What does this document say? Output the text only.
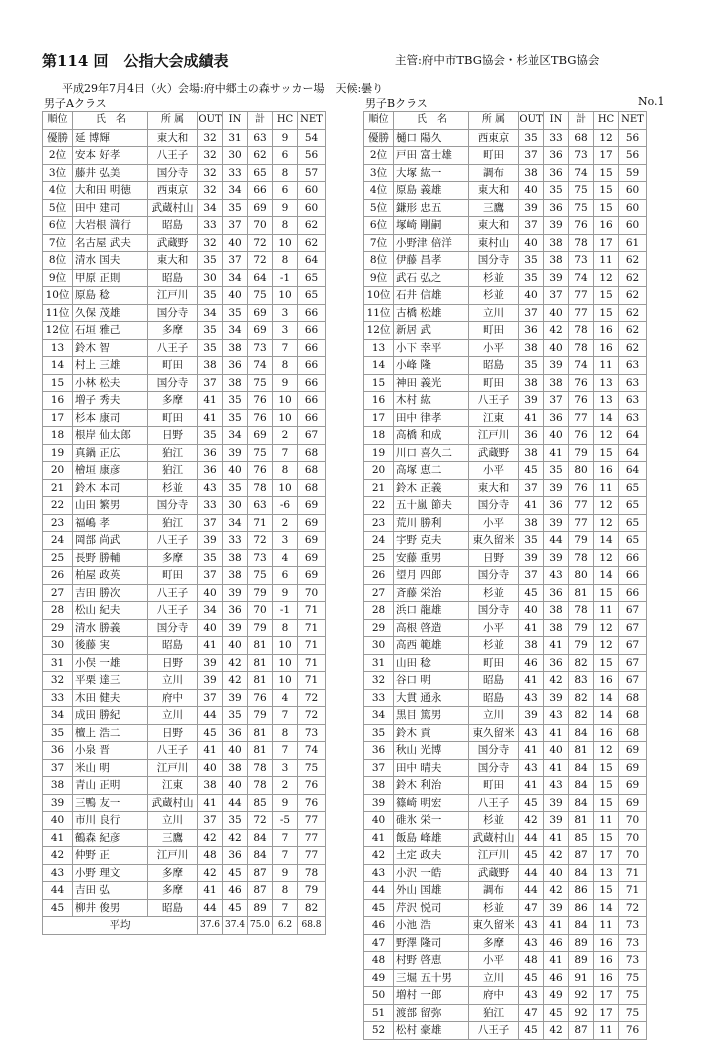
第114 回　公指大会成績表	主管:府中市TBG協会・杉並区TBG協会
平成29年7月4日（火）会場:府中郷土の森サッカー場　天候:曇り
男子Aクラス	男子Bクラス	No.1
順位	氏　名	所 属	OUT	IN	計	HC	NET
優勝	延 博輝	東大和	32	31	63	9	54
2位	安本 好孝	八王子	32	30	62	6	56
3位	藤井 弘美	国分寺	32	33	65	8	57
4位	大和田 明徳	西東京	32	34	66	6	60
5位	田中 建司	武蔵村山	34	35	69	9	60
6位	大岩根 満行	昭島	33	37	70	8	62
7位	名古屋 武夫	武蔵野	32	40	72	10	62
8位	清水 国夫	東大和	35	37	72	8	64
9位	甲原 正則	昭島	30	34	64	-1	65
10位	原島 稔	江戸川	35	40	75	10	65
11位	久保 茂雄	国分寺	34	35	69	3	66
12位	石垣 雅己	多摩	35	34	69	3	66
13	鈴木 智	八王子	35	38	73	7	66
14	村上 三雄	町田	38	36	74	8	66
15	小林 松夫	国分寺	37	38	75	9	66
16	増子 秀夫	多摩	41	35	76	10	66
17	杉本 康司	町田	41	35	76	10	66
18	根岸 仙太郎	日野	35	34	69	2	67
19	真鍋 正広	狛江	36	39	75	7	68
20	檜垣 康彦	狛江	36	40	76	8	68
21	鈴木 本司	杉並	43	35	78	10	68
22	山田 繁男	国分寺	33	30	63	-6	69
23	福嶋 孝	狛江	37	34	71	2	69
24	岡部 尚武	八王子	39	33	72	3	69
25	長野 勝輔	多摩	35	38	73	4	69
26	柏屋 政英	町田	37	38	75	6	69
27	吉田 勝次	八王子	40	39	79	9	70
28	松山 紀夫	八王子	34	36	70	-1	71
29	清水 勝義	国分寺	40	39	79	8	71
30	後藤 実	昭島	41	40	81	10	71
31	小俣 一雄	日野	39	42	81	10	71
32	平栗 達三	立川	39	42	81	10	71
33	木田 健夫	府中	37	39	76	4	72
34	成田 勝紀	立川	44	35	79	7	72
35	檀上 浩二	日野	45	36	81	8	73
36	小泉 晋	八王子	41	40	81	7	74
37	米山 明	江戸川	40	38	78	3	75
38	青山 正明	江東	38	40	78	2	76
39	三鴨 友一	武蔵村山	41	44	85	9	76
40	市川 良行	立川	37	35	72	-5	77
41	鶴森 紀彦	三鷹	42	42	84	7	77
42	仲野 正	江戸川	48	36	84	7	77
43	小野 理文	多摩	42	45	87	9	78
44	吉田 弘	多摩	41	46	87	8	79
45	柳井 俊男	昭島	44	45	89	7	82
平均			37.6	37.4	75.0	6.2	68.8
順位	氏　名	所 属	OUT	IN	計	HC	NET
優勝	樋口 陽久	西東京	35	33	68	12	56
2位	戸田 富士雄	町田	37	36	73	17	56
3位	大塚 紘一	調布	38	36	74	15	59
4位	原島 義雄	東大和	40	35	75	15	60
5位	鎌形 忠五	三鷹	39	36	75	15	60
6位	塚崎 剛嗣	東大和	37	39	76	16	60
7位	小野津 倍洋	東村山	40	38	78	17	61
8位	伊藤 昌孝	国分寺	35	38	73	11	62
9位	武石 弘之	杉並	35	39	74	12	62
10位	石井 信雄	杉並	40	37	77	15	62
11位	古橋 松雄	立川	37	40	77	15	62
12位	新居 武	町田	36	42	78	16	62
13	小下 幸平	小平	38	40	78	16	62
14	小峰 隆	昭島	35	39	74	11	63
15	神田 義光	町田	38	38	76	13	63
16	木村 紘	八王子	39	37	76	13	63
17	田中 律孝	江東	41	36	77	14	63
18	高橋 和成	江戸川	36	40	76	12	64
19	川口 喜久二	武蔵野	38	41	79	15	64
20	高塚 恵二	小平	45	35	80	16	64
21	鈴木 正義	東大和	37	39	76	11	65
22	五十嵐 節夫	国分寺	41	36	77	12	65
23	荒川 勝利	小平	38	39	77	12	65
24	宇野 克夫	東久留米	35	44	79	14	65
25	安藤 重男	日野	39	39	78	12	66
26	望月 四郎	国分寺	37	43	80	14	66
27	斉藤 栄治	杉並	45	36	81	15	66
28	浜口 龍雄	国分寺	40	38	78	11	67
29	高根 啓造	小平	41	38	79	12	67
30	高西 範雄	杉並	38	41	79	12	67
31	山田 稔	町田	46	36	82	15	67
32	谷口 明	昭島	41	42	83	16	67
33	大貫 通永	昭島	43	39	82	14	68
34	黒目 篤男	立川	39	43	82	14	68
35	鈴木 貢	東久留米	43	41	84	16	68
36	秋山 光博	国分寺	41	40	81	12	69
37	田中 晴夫	国分寺	43	41	84	15	69
38	鈴木 利治	町田	41	43	84	15	69
39	篠崎 明宏	八王子	45	39	84	15	69
40	碓氷 栄一	杉並	42	39	81	11	70
41	飯島 峰雄	武蔵村山	44	41	85	15	70
42	土定 政夫	江戸川	45	42	87	17	70
43	小沢 一皓	武蔵野	44	40	84	13	71
44	外山 国雄	調布	44	42	86	15	71
45	芹沢 悦司	杉並	47	39	86	14	72
46	小池 浩	東久留米	43	41	84	11	73
47	野澤 隆司	多摩	43	46	89	16	73
48	村野 啓恵	小平	48	41	89	16	73
49	三堀 五十男	立川	45	46	91	16	75
50	増村 一郎	府中	43	49	92	17	75
51	渡部 留弥	狛江	47	45	92	17	75
52	松村 豪雄	八王子	45	42	87	11	76
